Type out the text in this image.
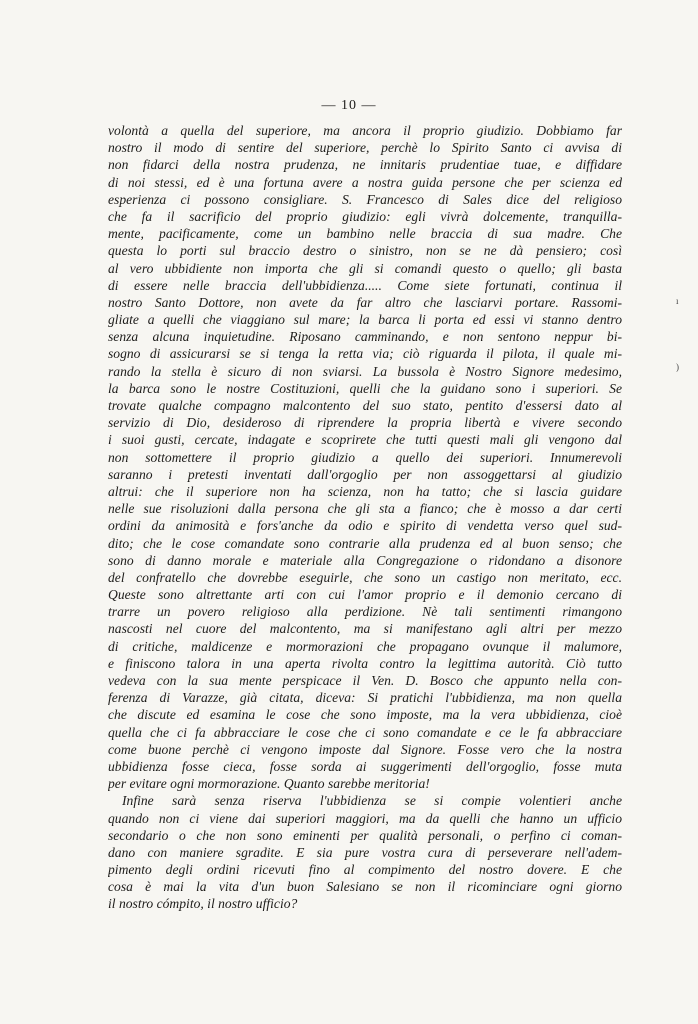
— 10 —
volontà a quella del superiore, ma ancora il proprio giudizio. Dobbiamo far
nostro il modo di sentire del superiore, perchè lo Spirito Santo ci avvisa di
non fidarci della nostra prudenza, ne innitaris prudentiae tuae, e diffidare
di noi stessi, ed è una fortuna avere a nostra guida persone che per scienza ed
esperienza ci possono consigliare. S. Francesco di Sales dice del religioso
che fa il sacrificio del proprio giudizio: egli vivrà dolcemente, tranquilla-
mente, pacificamente, come un bambino nelle braccia di sua madre. Che
questa lo porti sul braccio destro o sinistro, non se ne dà pensiero; così
al vero ubbidiente non importa che gli si comandi questo o quello; gli basta
di essere nelle braccia dell'ubbidienza..... Come siete fortunati, continua il
nostro Santo Dottore, non avete da far altro che lasciarvi portare. Rassomi-
gliate a quelli che viaggiano sul mare; la barca li porta ed essi vi stanno dentro
senza alcuna inquietudine. Riposano camminando, e non sentono neppur bi-
sogno di assicurarsi se si tenga la retta via; ciò riguarda il pilota, il quale mi-
rando la stella è sicuro di non sviarsi. La bussola è Nostro Signore medesimo,
la barca sono le nostre Costituzioni, quelli che la guidano sono i superiori. Se
trovate qualche compagno malcontento del suo stato, pentito d'essersi dato al
servizio di Dio, desideroso di riprendere la propria libertà e vivere secondo
i suoi gusti, cercate, indagate e scoprirete che tutti questi mali gli vengono dal
non sottomettere il proprio giudizio a quello dei superiori. Innumerevoli
saranno i pretesti inventati dall'orgoglio per non assoggettarsi al giudizio
altrui: che il superiore non ha scienza, non ha tatto; che si lascia guidare
nelle sue risoluzioni dalla persona che gli sta a fianco; che è mosso a dar certi
ordini da animosità e fors'anche da odio e spirito di vendetta verso quel sud-
dito; che le cose comandate sono contrarie alla prudenza ed al buon senso; che
sono di danno morale e materiale alla Congregazione o ridondano a disonore
del confratello che dovrebbe eseguirle, che sono un castigo non meritato, ecc.
Queste sono altrettante arti con cui l'amor proprio e il demonio cercano di
trarre un povero religioso alla perdizione. Nè tali sentimenti rimangono
nascosti nel cuore del malcontento, ma si manifestano agli altri per mezzo
di critiche, maldicenze e mormorazioni che propagano ovunque il malumore,
e finiscono talora in una aperta rivolta contro la legittima autorità. Ciò tutto
vedeva con la sua mente perspicace il Ven. D. Bosco che appunto nella con-
ferenza di Varazze, già citata, diceva: Si pratichi l'ubbidienza, ma non quella
che discute ed esamina le cose che sono imposte, ma la vera ubbidienza, cioè
quella che ci fa abbracciare le cose che ci sono comandate e ce le fa abbracciare
come buone perchè ci vengono imposte dal Signore. Fosse vero che la nostra
ubbidienza fosse cieca, fosse sorda ai suggerimenti dell'orgoglio, fosse muta
per evitare ogni mormorazione. Quanto sarebbe meritoria!
Infine sarà senza riserva l'ubbidienza se si compie volentieri anche
quando non ci viene dai superiori maggiori, ma da quelli che hanno un ufficio
secondario o che non sono eminenti per qualità personali, o perfino ci coman-
dano con maniere sgradite. E sia pure vostra cura di perseverare nell'adem-
pimento degli ordini ricevuti fino al compimento del nostro dovere. E che
cosa è mai la vita d'un buon Salesiano se non il ricominciare ogni giorno
il nostro cómpito, il nostro ufficio?
ı
)
